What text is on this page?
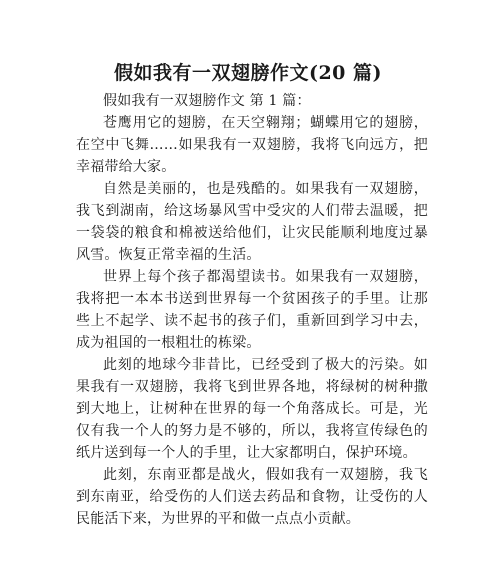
假如我有一双翅膀作文(20 篇)

假如我有一双翅膀作文 第 1 篇：

苍鹰用它的翅膀，在天空翱翔；蝴蝶用它的翅膀，在空中飞舞……如果我有一双翅膀，我将飞向远方，把幸福带给大家。

自然是美丽的，也是残酷的。如果我有一双翅膀，我飞到湖南，给这场暴风雪中受灾的人们带去温暖，把一袋袋的粮食和棉被送给他们，让灾民能顺利地度过暴风雪。恢复正常幸福的生活。

世界上每个孩子都渴望读书。如果我有一双翅膀，我将把一本本书送到世界每一个贫困孩子的手里。让那些上不起学、读不起书的孩子们，重新回到学习中去，成为祖国的一根粗壮的栋梁。

此刻的地球今非昔比，已经受到了极大的污染。如果我有一双翅膀，我将飞到世界各地，将绿树的树种撒到大地上，让树种在世界的每一个角落成长。可是，光仅有我一个人的努力是不够的，所以，我将宣传绿色的纸片送到每一个人的手里，让大家都明白，保护环境。

此刻，东南亚都是战火，假如我有一双翅膀，我飞到东南亚，给受伤的人们送去药品和食物，让受伤的人民能活下来，为世界的平和做一点点小贡献。
